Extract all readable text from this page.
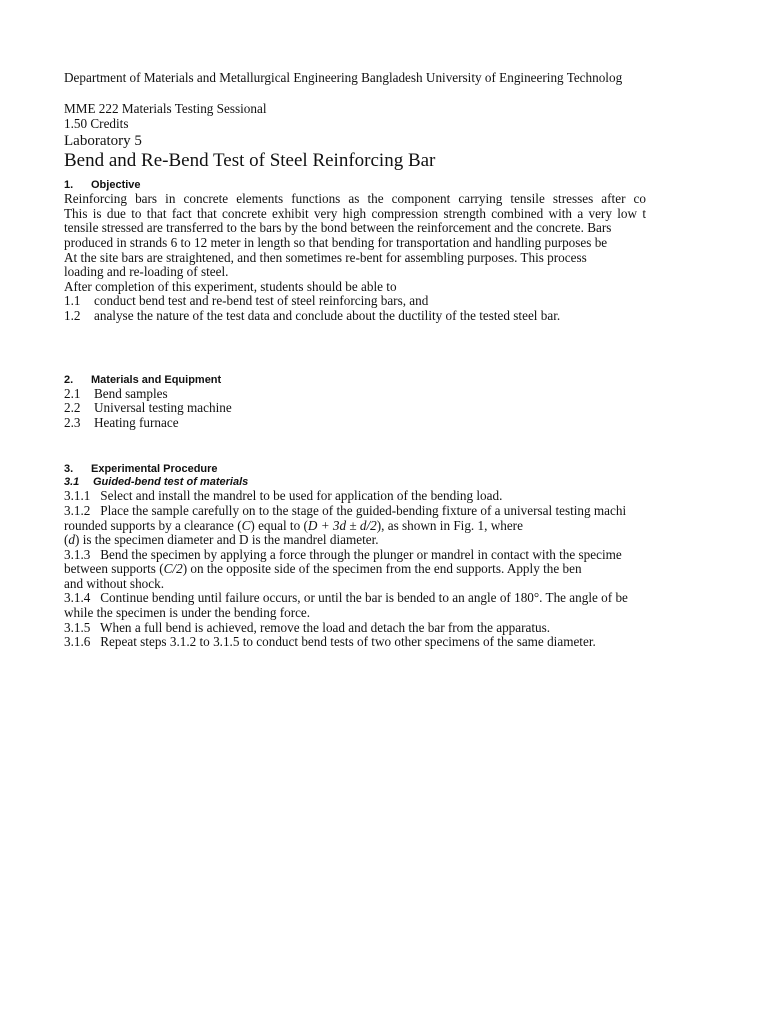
Department of Materials and Metallurgical Engineering Bangladesh University of Engineering Technolog
MME 222 Materials Testing Sessional
1.50 Credits
Laboratory 5
Bend and Re-Bend Test of Steel Reinforcing Bar
1. Objective
Reinforcing bars in concrete elements functions as the component carrying tensile stresses after co
This is due to that fact that concrete exhibit very high compression strength combined with a very low t
tensile stressed are transferred to the bars by the bond between the reinforcement and the concrete. Bars
produced in strands 6 to 12 meter in length so that bending for transportation and handling purposes be
At the site bars are straightened, and then sometimes re-bent for assembling purposes. This process
loading and re-loading of steel.
After completion of this experiment, students should be able to
1.1 conduct bend test and re-bend test of steel reinforcing bars, and
1.2 analyse the nature of the test data and conclude about the ductility of the tested steel bar.
2. Materials and Equipment
2.1 Bend samples
2.2 Universal testing machine
2.3 Heating furnace
3. Experimental Procedure
3.1 Guided-bend test of materials
3.1.1 Select and install the mandrel to be used for application of the bending load.
3.1.2 Place the sample carefully on to the stage of the guided-bending fixture of a universal testing machi
rounded supports by a clearance (C) equal to (D + 3d ± d/2), as shown in Fig. 1, where
(d) is the specimen diameter and D is the mandrel diameter.
3.1.3 Bend the specimen by applying a force through the plunger or mandrel in contact with the specime
between supports (C/2) on the opposite side of the specimen from the end supports. Apply the ben
and without shock.
3.1.4 Continue bending until failure occurs, or until the bar is bended to an angle of 180°. The angle of be
while the specimen is under the bending force.
3.1.5 When a full bend is achieved, remove the load and detach the bar from the apparatus.
3.1.6 Repeat steps 3.1.2 to 3.1.5 to conduct bend tests of two other specimens of the same diameter.
